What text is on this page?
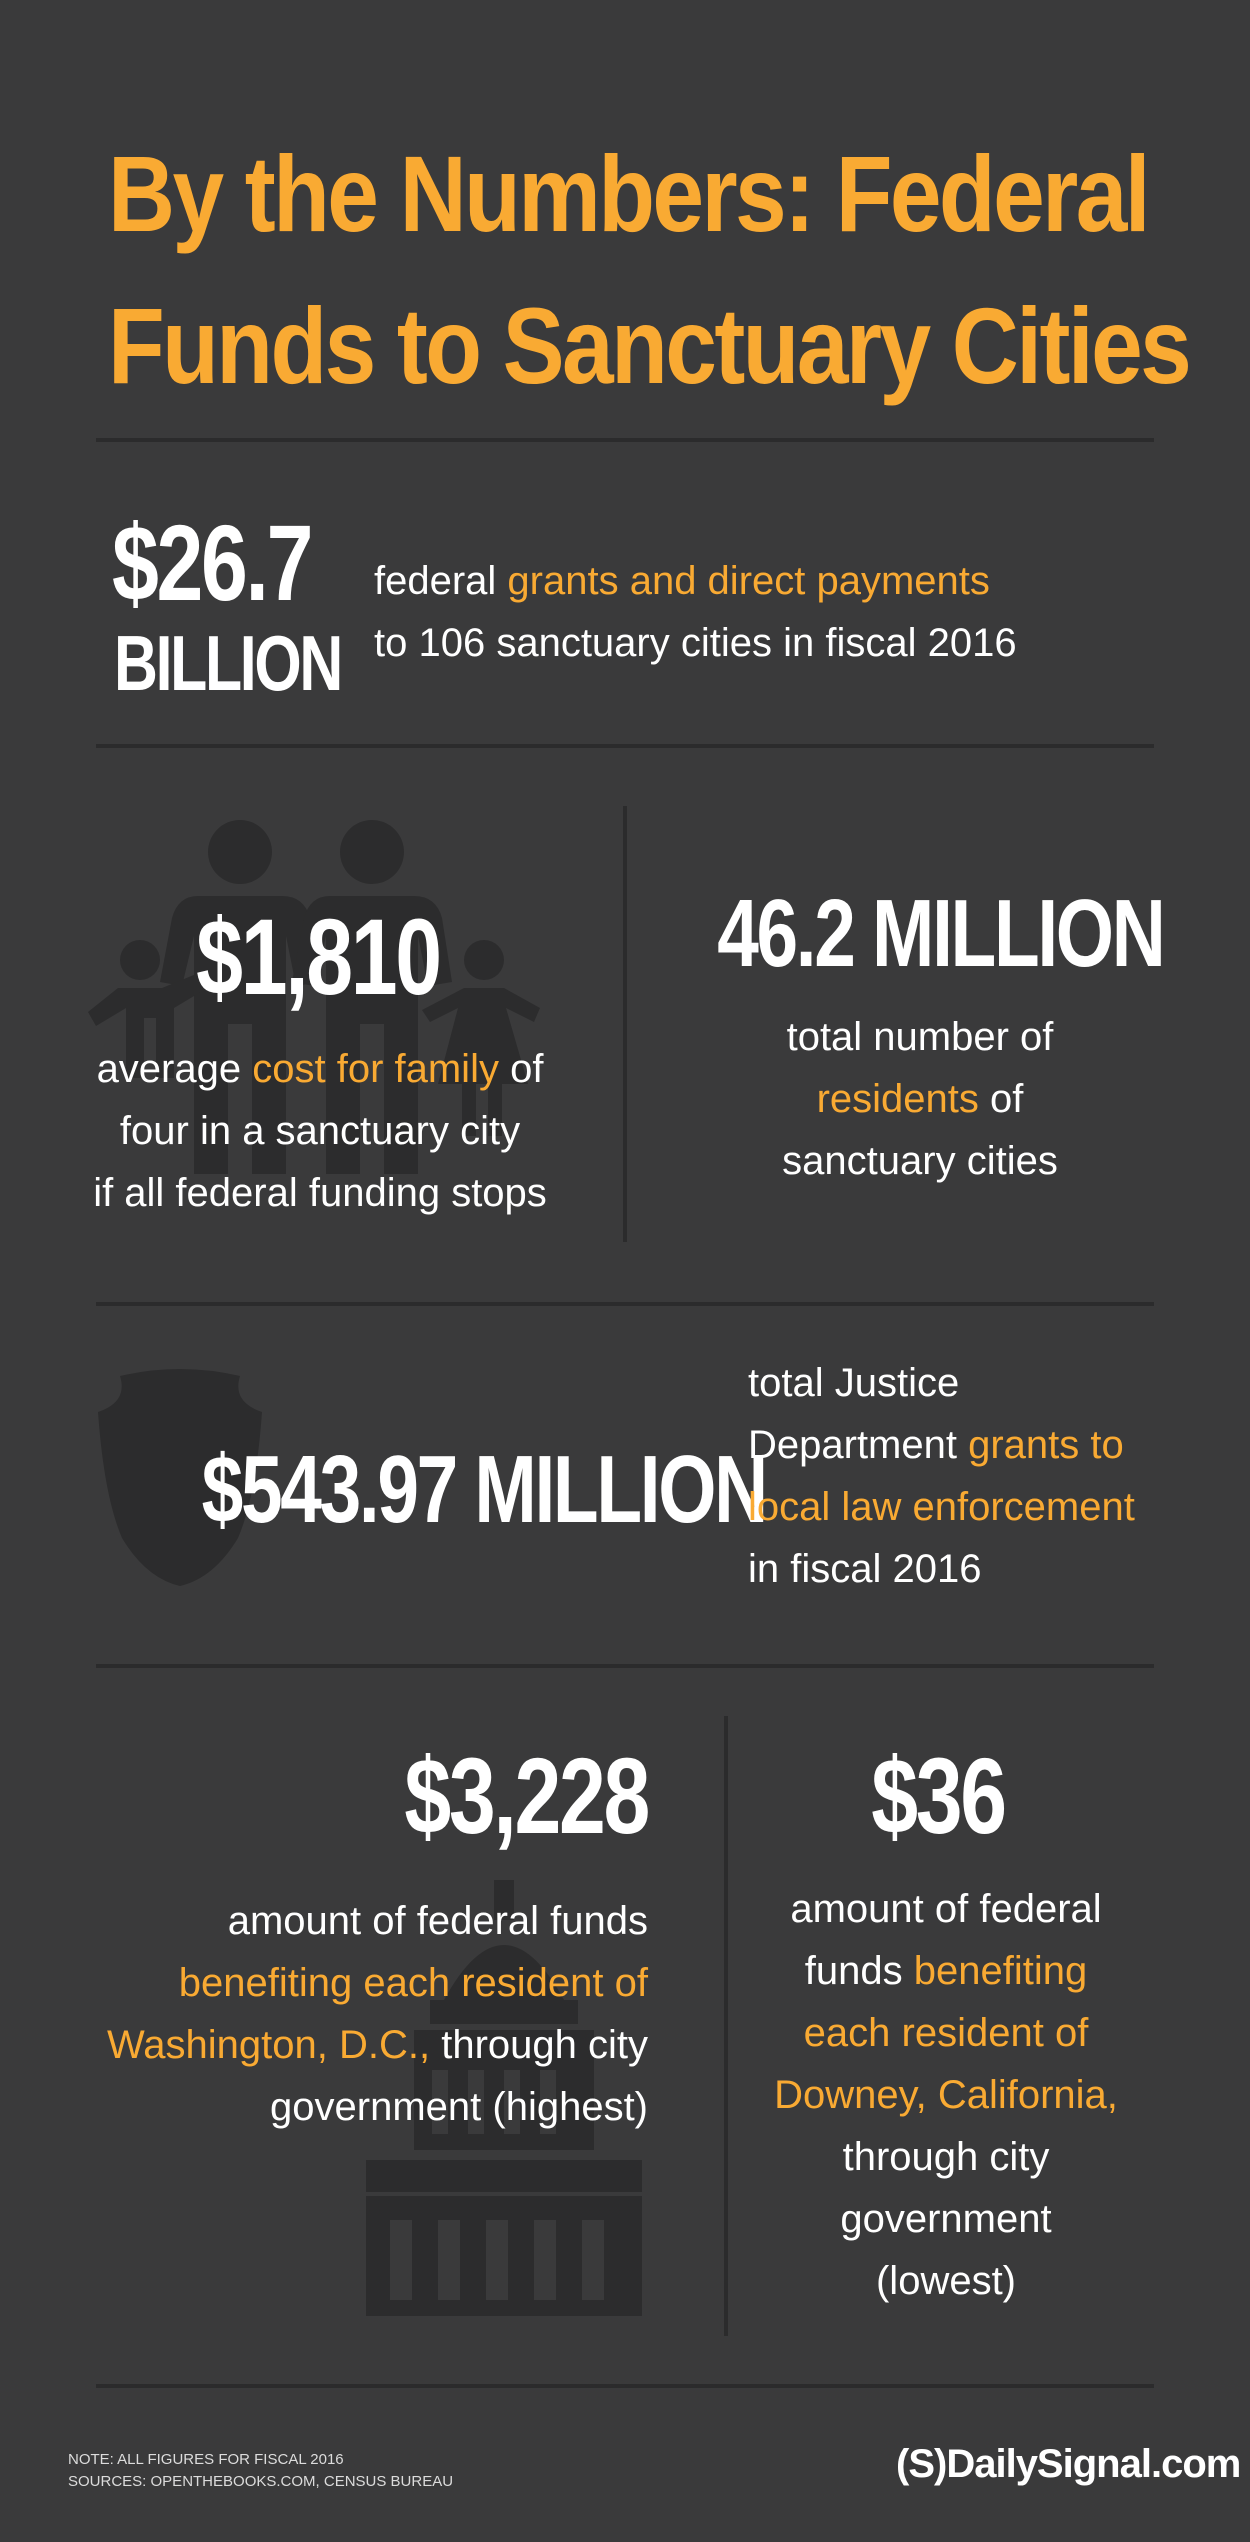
By the Numbers: Federal
Funds to Sanctuary Cities
$26.7
BILLION
federal grants and direct payments
to 106 sanctuary cities in fiscal 2016
$1,810
average cost for family of
four in a sanctuary city
if all federal funding stops
46.2 MILLION
total number of
residents of
sanctuary cities
$543.97 MILLION
total Justice
Department grants to
local law enforcement
in fiscal 2016
$3,228
amount of federal funds
benefiting each resident of
Washington, D.C., through city
government (highest)
$36
amount of federal
funds benefiting
each resident of
Downey, California,
through city
government
(lowest)
NOTE: ALL FIGURES FOR FISCAL 2016
SOURCES: OPENTHEBOOKS.COM, CENSUS BUREAU	(S)DailySignal.com
